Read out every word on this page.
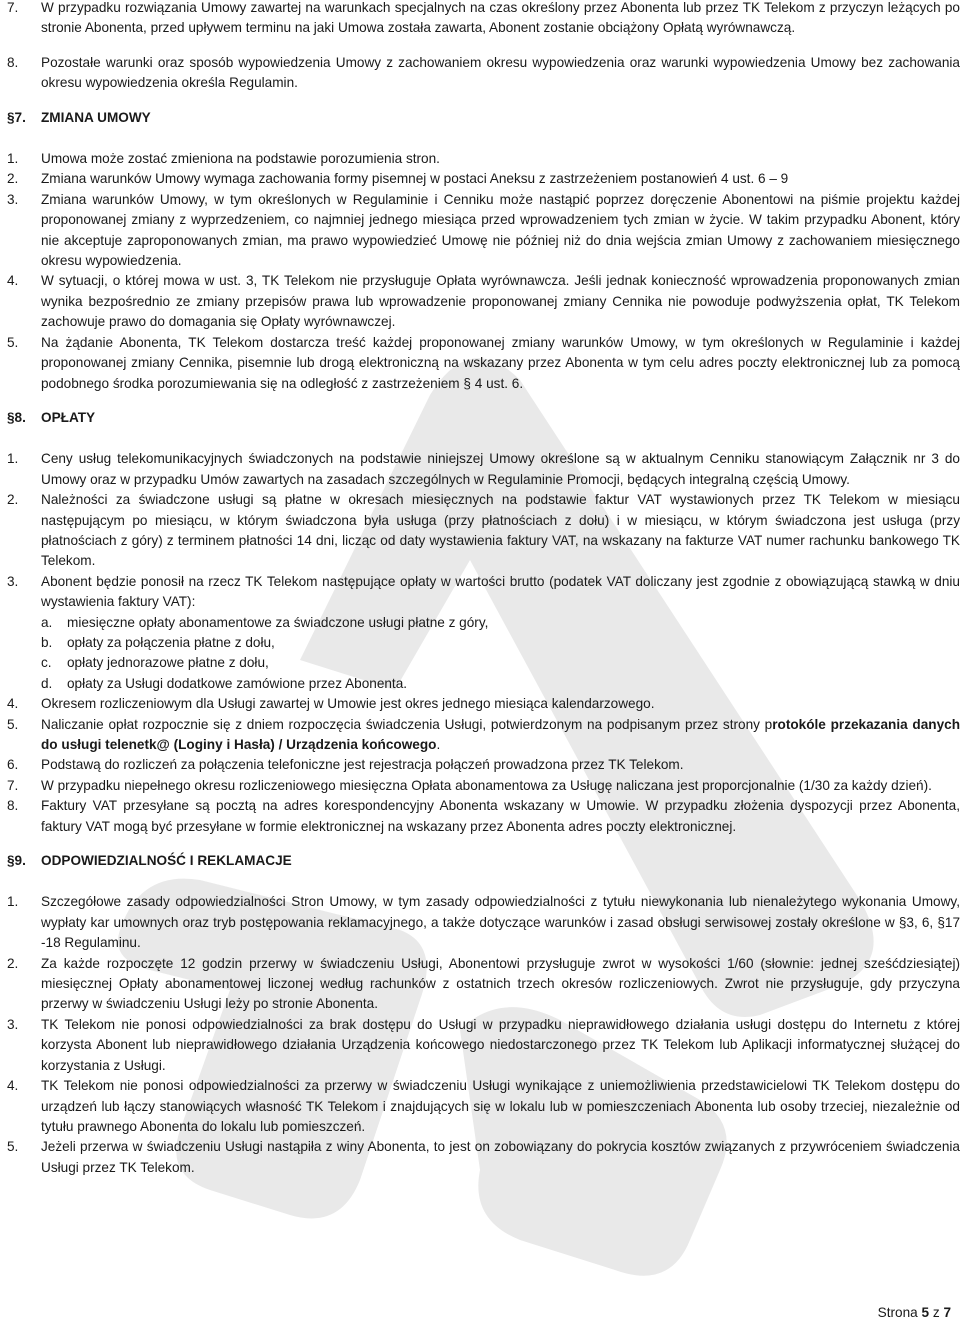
7.	W przypadku rozwiązania Umowy zawartej na warunkach specjalnych na czas określony przez Abonenta lub przez TK Telekom z przyczyn leżących po stronie Abonenta, przed upływem terminu na jaki Umowa została zawarta, Abonent zostanie obciążony Opłatą wyrównawczą.
8.	Pozostałe warunki oraz sposób wypowiedzenia Umowy z zachowaniem okresu wypowiedzenia oraz warunki wypowiedzenia Umowy bez zachowania okresu wypowiedzenia określa Regulamin.
§7. ZMIANA UMOWY
1.	Umowa może zostać zmieniona na podstawie porozumienia stron.
2.	Zmiana warunków Umowy wymaga zachowania formy pisemnej w postaci Aneksu z zastrzeżeniem postanowień 4 ust. 6 – 9
3.	Zmiana warunków Umowy, w tym określonych w Regulaminie i Cenniku może nastąpić poprzez doręczenie Abonentowi na piśmie projektu każdej proponowanej zmiany z wyprzedzeniem, co najmniej jednego miesiąca przed wprowadzeniem tych zmian w życie. W takim przypadku Abonent, który nie akceptuje zaproponowanych zmian, ma prawo wypowiedzieć Umowę nie później niż do dnia wejścia zmian Umowy z zachowaniem miesięcznego okresu wypowiedzenia.
4.	W sytuacji, o której mowa w ust. 3, TK Telekom nie przysługuje Opłata wyrównawcza. Jeśli jednak konieczność wprowadzenia proponowanych zmian wynika bezpośrednio ze zmiany przepisów prawa lub wprowadzenie proponowanej zmiany Cennika nie powoduje podwyższenia opłat, TK Telekom zachowuje prawo do domagania się Opłaty wyrównawczej.
5.	Na żądanie Abonenta, TK Telekom dostarcza treść każdej proponowanej zmiany warunków Umowy, w tym określonych w Regulaminie i każdej proponowanej zmiany Cennika, pisemnie lub drogą elektroniczną na wskazany przez Abonenta w tym celu adres poczty elektronicznej lub za pomocą podobnego środka porozumiewania się na odległość z zastrzeżeniem § 4 ust. 6.
§8. OPŁATY
1.	Ceny usług telekomunikacyjnych świadczonych na podstawie niniejszej Umowy określone są w aktualnym Cenniku stanowiącym Załącznik nr 3 do Umowy oraz w przypadku Umów zawartych na zasadach szczególnych w Regulaminie Promocji, będących integralną częścią Umowy.
2.	Należności za świadczone usługi są płatne w okresach miesięcznych na podstawie faktur VAT wystawionych przez TK Telekom w miesiącu następującym po miesiącu, w którym świadczona była usługa (przy płatnościach z dołu) i w miesiącu, w którym świadczona jest usługa (przy płatnościach z góry) z terminem płatności 14 dni, licząc od daty wystawienia faktury VAT, na wskazany na fakturze VAT numer rachunku bankowego TK Telekom.
3.	Abonent będzie ponosił na rzecz TK Telekom następujące opłaty w wartości brutto (podatek VAT doliczany jest zgodnie z obowiązującą stawką w dniu wystawienia faktury VAT):
a.	miesięczne opłaty abonamentowe za świadczone usługi płatne z góry,
b.	opłaty za połączenia płatne z dołu,
c.	opłaty jednorazowe płatne z dołu,
d.	opłaty za Usługi dodatkowe zamówione przez Abonenta.
4.	Okresem rozliczeniowym dla Usługi zawartej w Umowie jest okres jednego miesiąca kalendarzowego.
5.	Naliczanie opłat rozpocznie się z dniem rozpoczęcia świadczenia Usługi, potwierdzonym na podpisanym przez strony protokóle przekazania danych do usługi telenetk@ (Loginy i Hasła) / Urządzenia końcowego.
6.	Podstawą do rozliczeń za połączenia telefoniczne jest rejestracja połączeń prowadzona przez TK Telekom.
7.	W przypadku niepełnego okresu rozliczeniowego miesięczna Opłata abonamentowa za Usługę naliczana jest proporcjonalnie (1/30 za każdy dzień).
8.	Faktury VAT przesyłane są pocztą na adres korespondencyjny Abonenta wskazany w Umowie. W przypadku złożenia dyspozycji przez Abonenta, faktury VAT mogą być przesyłane w formie elektronicznej na wskazany przez Abonenta adres poczty elektronicznej.
§9. ODPOWIEDZIALNOŚĆ I REKLAMACJE
1.	Szczegółowe zasady odpowiedzialności Stron Umowy, w tym zasady odpowiedzialności z tytułu niewykonania lub nienależytego wykonania Umowy, wypłaty kar umownych oraz tryb postępowania reklamacyjnego, a także dotyczące warunków i zasad obsługi serwisowej zostały określone w §3, 6, §17 -18 Regulaminu.
2.	Za każde rozpoczęte 12 godzin przerwy w świadczeniu Usługi, Abonentowi przysługuje zwrot w wysokości 1/60 (słownie: jednej sześćdziesiątej) miesięcznej Opłaty abonamentowej liczonej według rachunków z ostatnich trzech okresów rozliczeniowych. Zwrot nie przysługuje, gdy przyczyna przerwy w świadczeniu Usługi leży po stronie Abonenta.
3.	TK Telekom nie ponosi odpowiedzialności za brak dostępu do Usługi w przypadku nieprawidłowego działania usługi dostępu do Internetu z której korzysta Abonent lub nieprawidłowego działania Urządzenia końcowego niedostarczonego przez TK Telekom lub Aplikacji informatycznej służącej do korzystania z Usługi.
4.	TK Telekom nie ponosi odpowiedzialności za przerwy w świadczeniu Usługi wynikające z uniemożliwienia przedstawicielowi TK Telekom dostępu do urządzeń lub łączy stanowiących własność TK Telekom i znajdujących się w lokalu lub w pomieszczeniach Abonenta lub osoby trzeciej, niezależnie od tytułu prawnego Abonenta do lokalu lub pomieszczeń.
5.	Jeżeli przerwa w świadczeniu Usługi nastąpiła z winy Abonenta, to jest on zobowiązany do pokrycia kosztów związanych z przywróceniem świadczenia Usługi przez TK Telekom.
Strona 5 z 7
